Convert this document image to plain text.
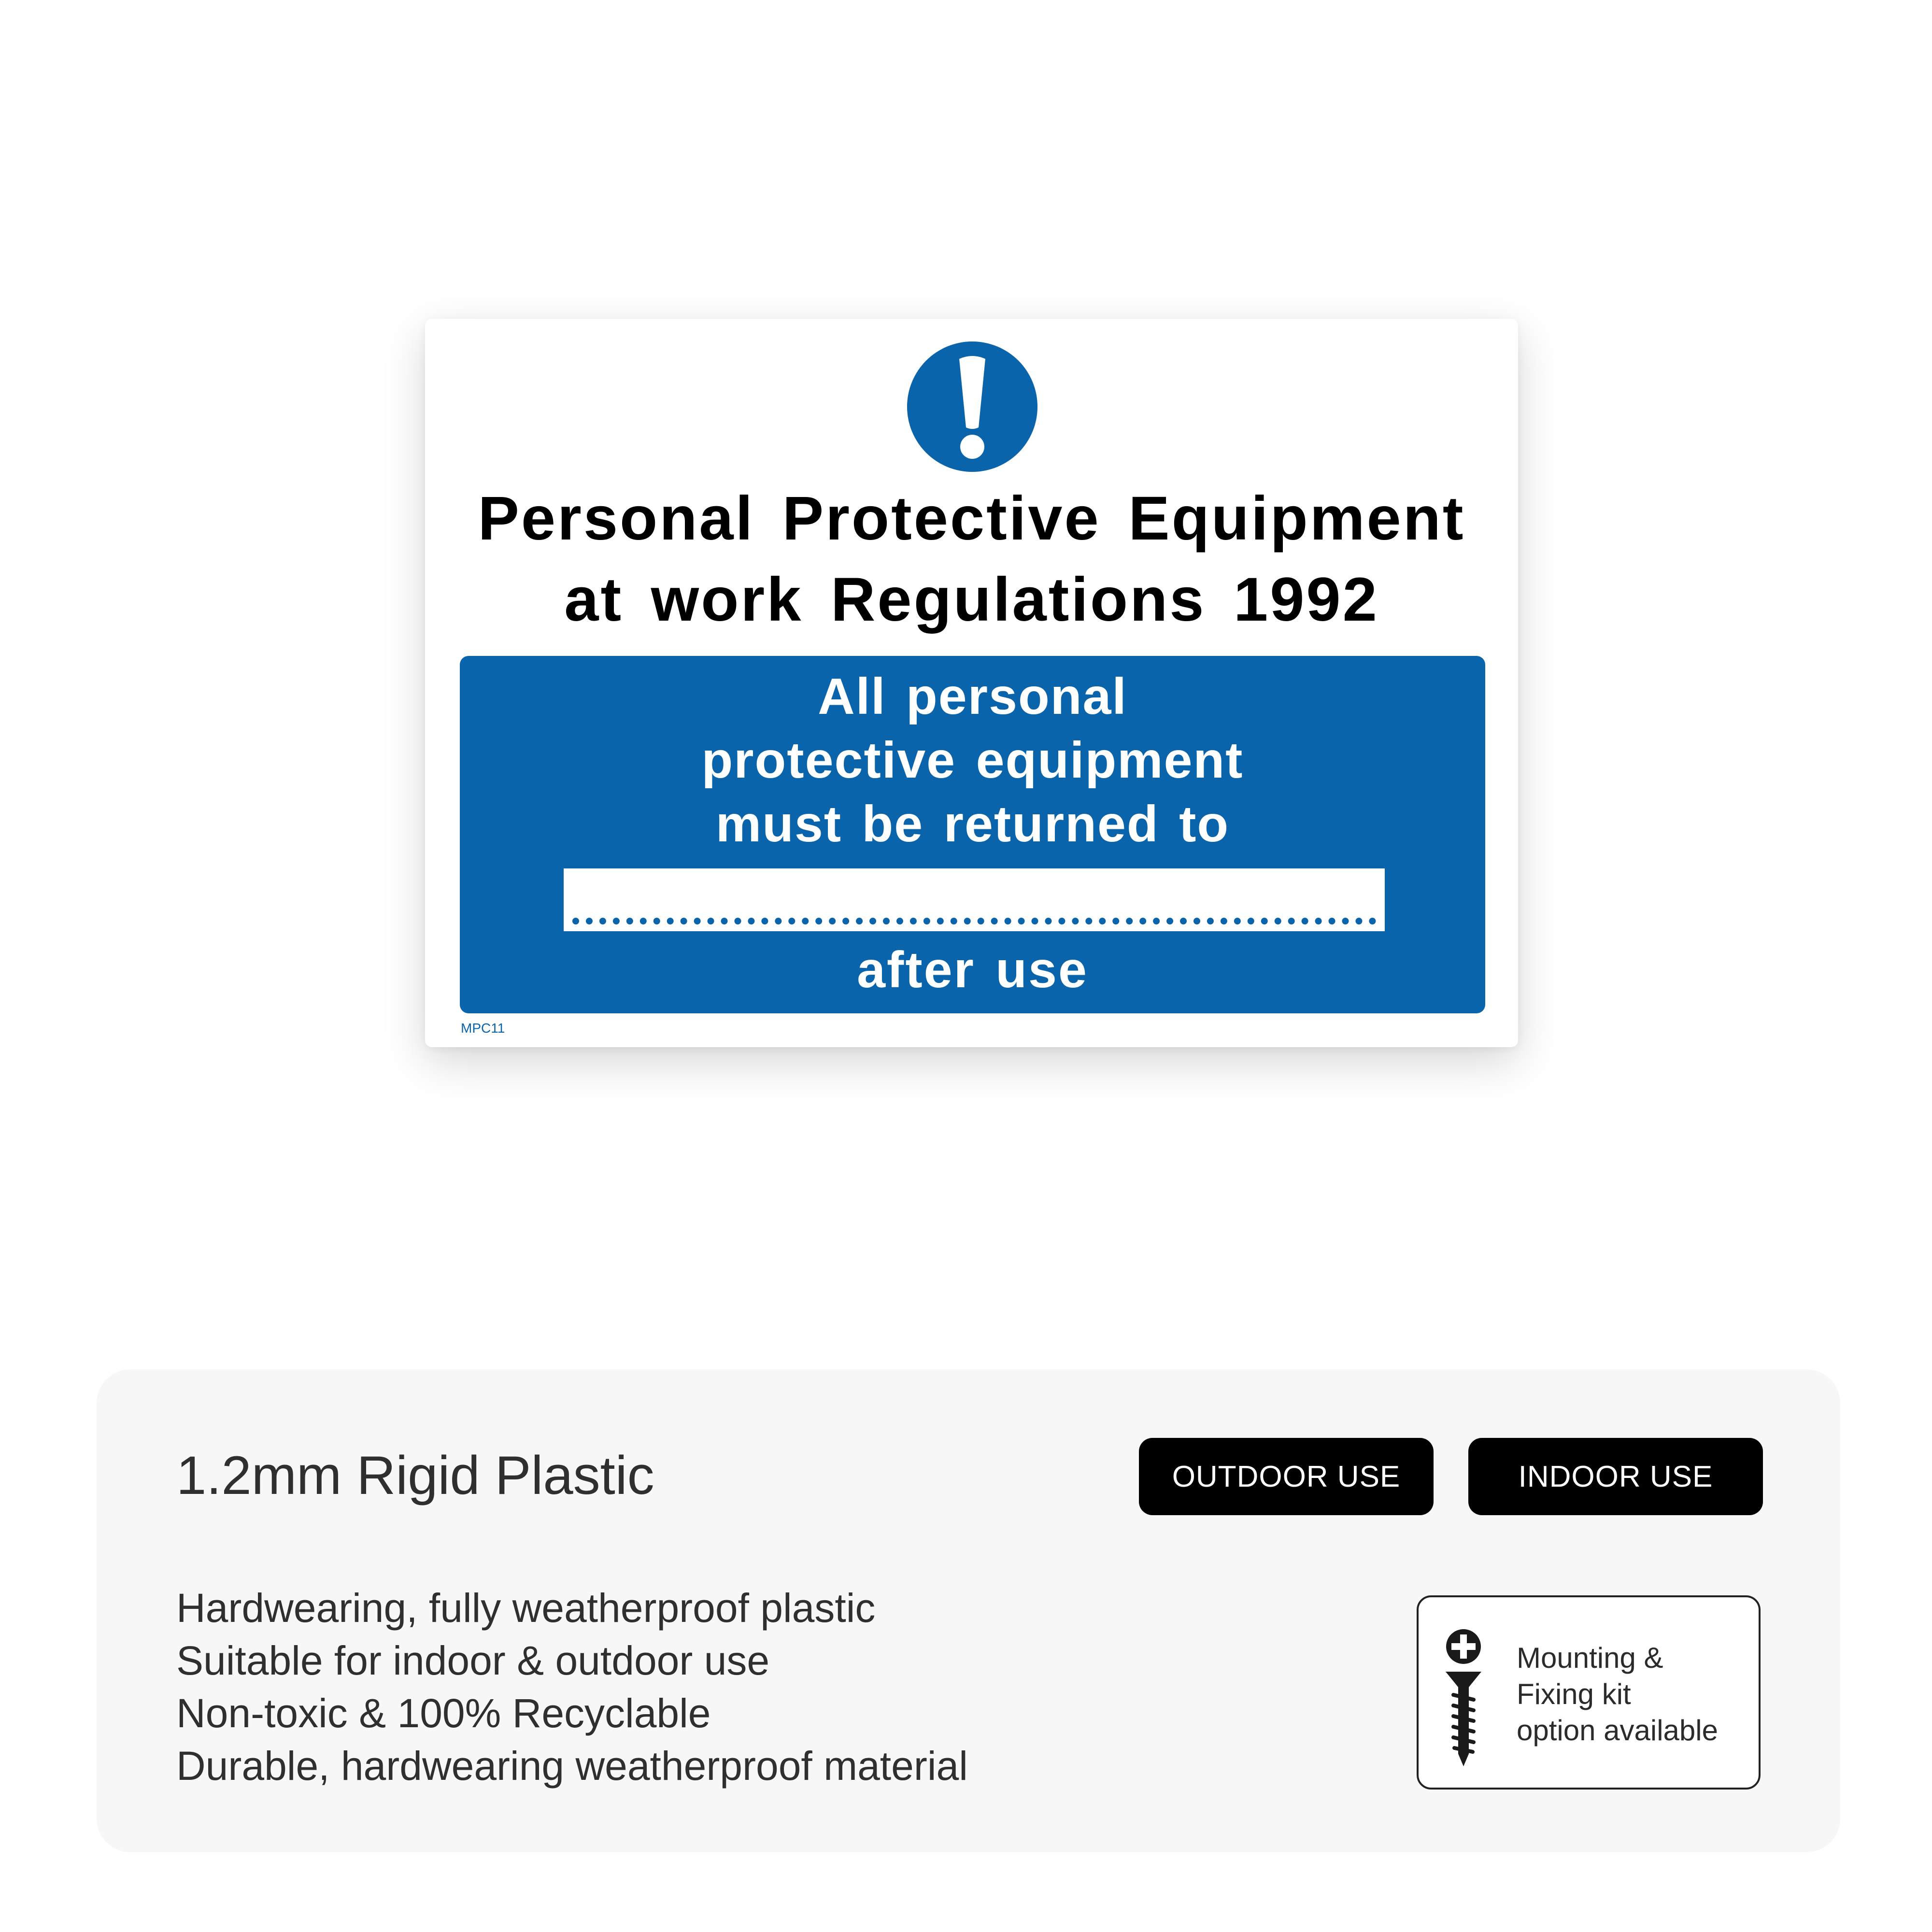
Personal Protective Equipment
at work Regulations 1992
All personal
protective equipment
must be returned to
after use
MPC11
1.2mm Rigid Plastic	OUTDOOR USE	INDOOR USE
Hardwearing, fully weatherproof plastic
Suitable for indoor & outdoor use
Non-toxic & 100% Recyclable
Durable, hardwearing weatherproof material
Mounting &
Fixing kit
option available
